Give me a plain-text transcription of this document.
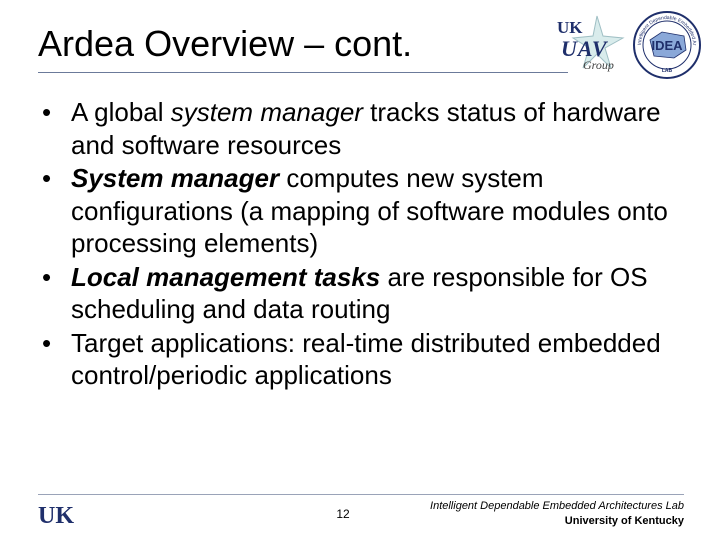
Ardea Overview – cont.	UK
UAV
Group
Intelligent Dependable Embedded Ar
IDEA
LAB
• A global system manager tracks status of hardware and software resources
• System manager computes new system configurations (a mapping of software modules onto processing elements)
• Local management tasks are responsible for OS scheduling and data routing
• Target applications: real-time distributed embedded control/periodic applications
UK	12
Intelligent Dependable Embedded Architectures Lab
University of Kentucky
